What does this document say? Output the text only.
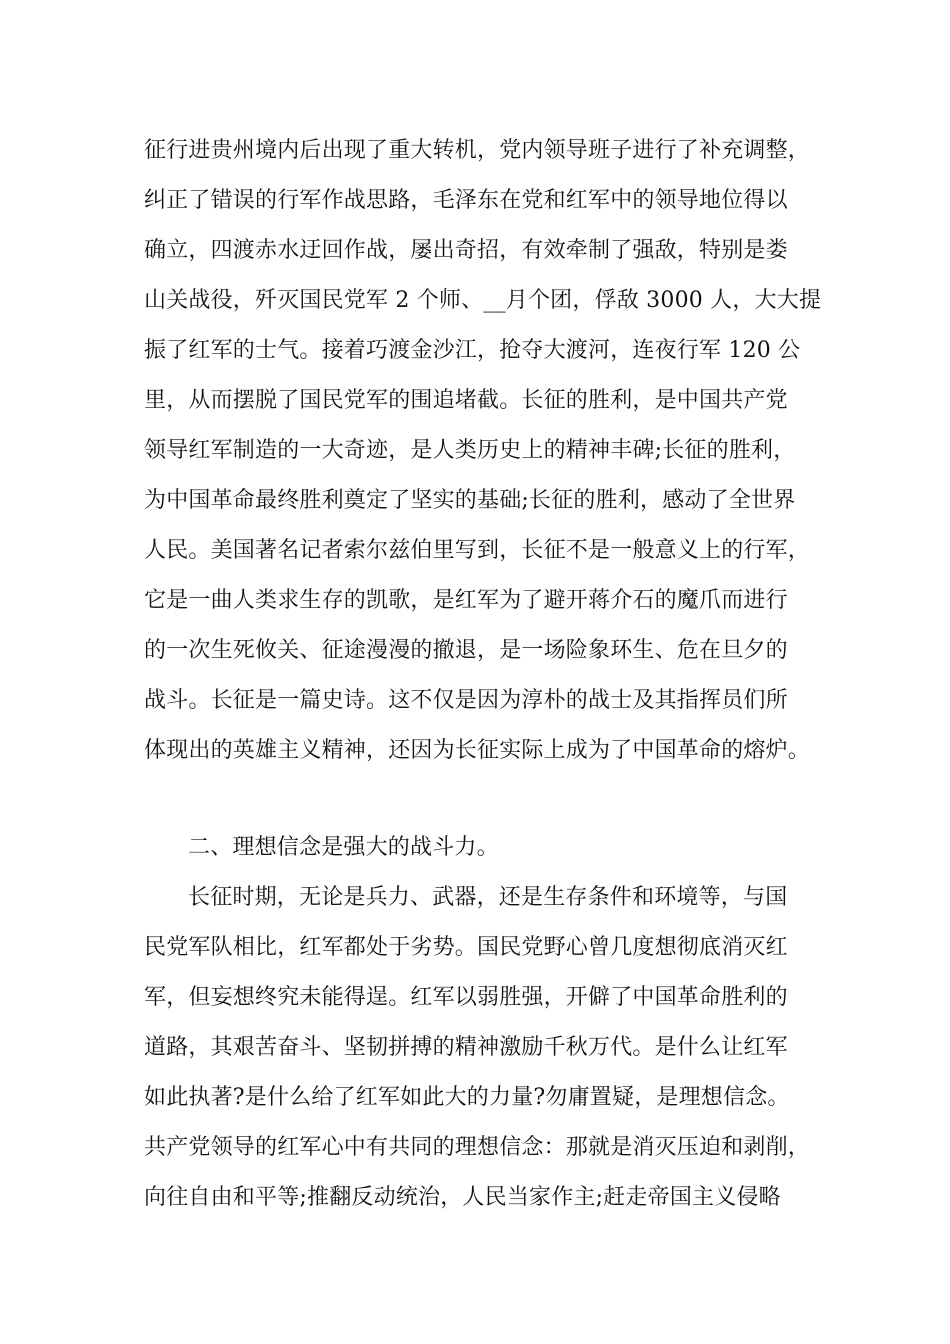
征行进贵州境内后出现了重大转机，党内领导班子进行了补充调整，
纠正了错误的行军作战思路，毛泽东在党和红军中的领导地位得以
确立，四渡赤水迂回作战，屡出奇招，有效牵制了强敌，特别是娄
山关战役，歼灭国民党军 2 个师、__月个团，俘敌 3000 人，大大提
振了红军的士气。接着巧渡金沙江，抢夺大渡河，连夜行军 120 公
里，从而摆脱了国民党军的围追堵截。长征的胜利，是中国共产党
领导红军制造的一大奇迹，是人类历史上的精神丰碑;长征的胜利，
为中国革命最终胜利奠定了坚实的基础;长征的胜利，感动了全世界
人民。美国著名记者索尔兹伯里写到，长征不是一般意义上的行军，
它是一曲人类求生存的凯歌，是红军为了避开蒋介石的魔爪而进行
的一次生死攸关、征途漫漫的撤退，是一场险象环生、危在旦夕的
战斗。长征是一篇史诗。这不仅是因为淳朴的战士及其指挥员们所
体现出的英雄主义精神，还因为长征实际上成为了中国革命的熔炉。
二、理想信念是强大的战斗力。
长征时期，无论是兵力、武器，还是生存条件和环境等，与国
民党军队相比，红军都处于劣势。国民党野心曾几度想彻底消灭红
军，但妄想终究未能得逞。红军以弱胜强，开僻了中国革命胜利的
道路，其艰苦奋斗、坚韧拼搏的精神激励千秋万代。是什么让红军
如此执著?是什么给了红军如此大的力量?勿庸置疑，是理想信念。
共产党领导的红军心中有共同的理想信念：那就是消灭压迫和剥削，
向往自由和平等;推翻反动统治，人民当家作主;赶走帝国主义侵略
